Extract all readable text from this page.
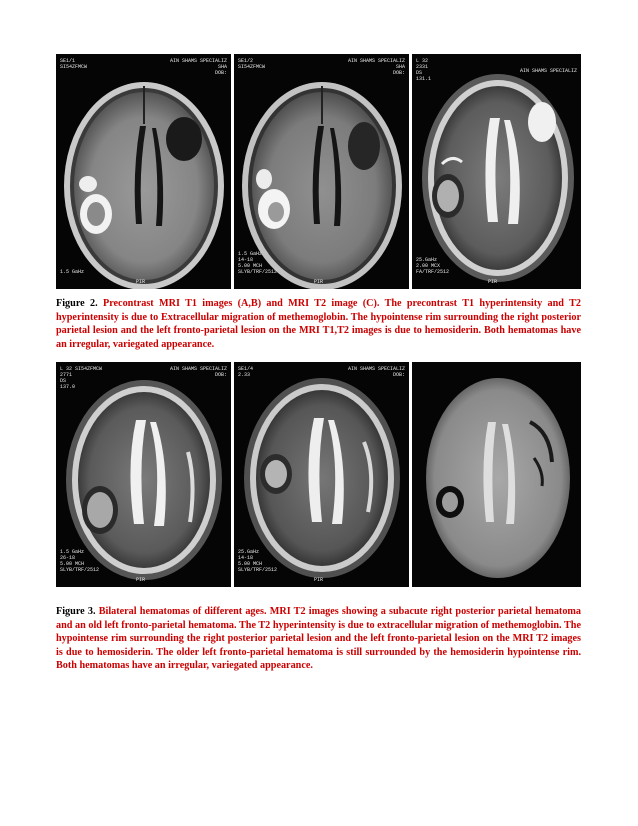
SE1/1
SI54ZFMCW
AIN SHAMS SPECIALIZ
SHA
DOB:

1.5 GaHz
PIR
SE1/2
SI54ZFMCW
AIN SHAMS SPECIALIZ
SHA
DOB:
1.5 GaHz
14-18
5.00 MCH
SLYB/TRF/2512
PIR
L 32
2331
DS
131.1
AIN SHAMS SPECIALIZ
25.GaHz
2.00 MCX
FA/TRF/2512
PIR

Figure 2. Precontrast MRI T1 images (A,B) and MRI T2 image (C). The precontrast T1 hyperintensity and T2 hyperintensity is due to Extracellular migration of methemoglobin. The hypointense rim surrounding the right posterior parietal lesion and the left fronto-parietal lesion on the MRI T1,T2 images is due to hemosiderin. Both hematomas have an irregular, variegated appearance.

L 32 SI54ZFMCW
2771
DS
137.0
AIN SHAMS SPECIALIZ
DOB:
1.5 GaHz
26-18
5.00 MCH
SLYB/TRF/2512
PIR
SE1/4
2.33
AIN SHAMS SPECIALIZ
DOB:
25.GaHz
14-18
5.00 MCH
SLYB/TRF/2512
PIR

Figure 3. Bilateral hematomas of different ages. MRI T2 images showing a subacute right posterior parietal hematoma and an old left fronto-parietal hematoma. The T2 hyperintensity is due to extracellular migration of methemoglobin. The hypointense rim surrounding the right posterior parietal lesion and the left fronto-parietal lesion on the MRI T2 images is due to hemosiderin. The older left fronto-parietal hematoma is still surrounded by the hemosiderin hypointense rim. Both hematomas have an irregular, variegated appearance.
